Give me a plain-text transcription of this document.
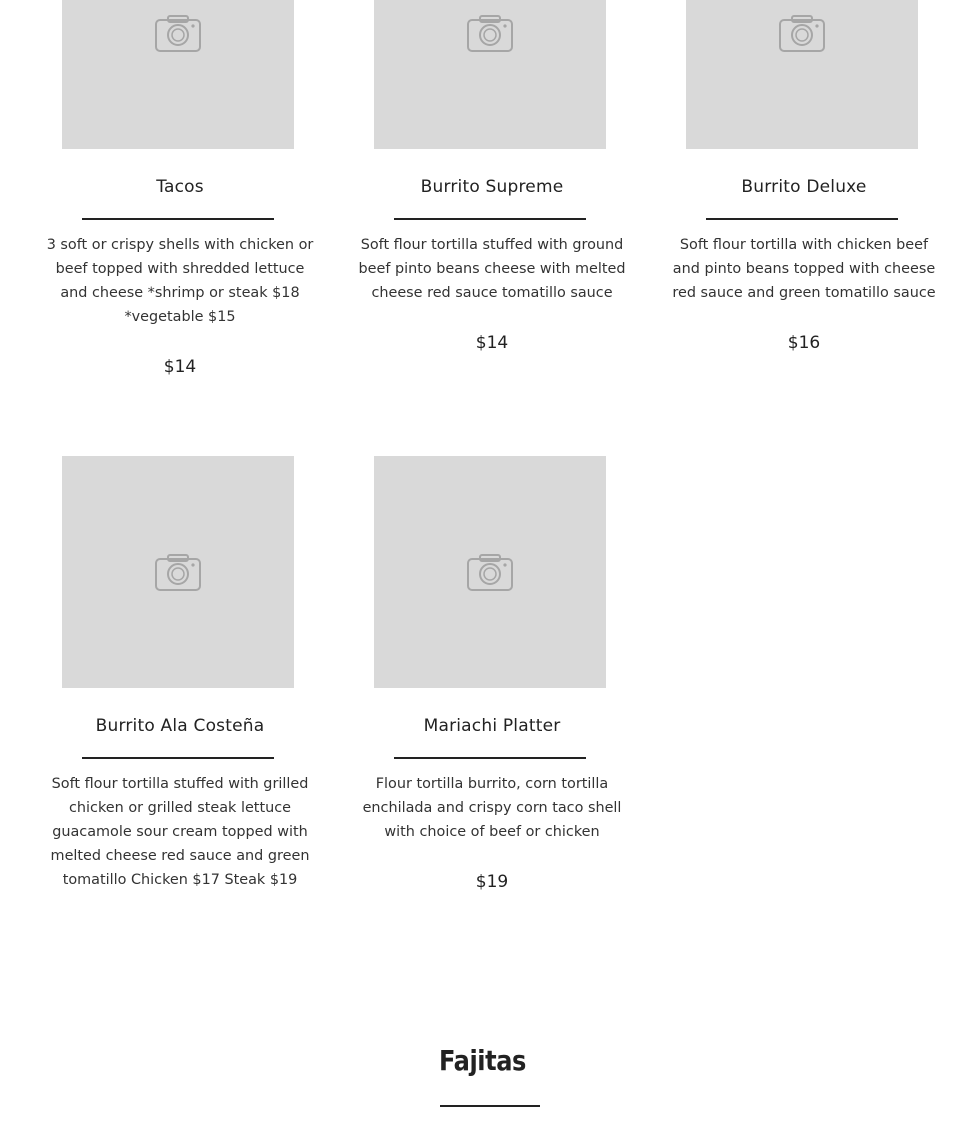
Tacos

3 soft or crispy shells with chicken or beef topped with shredded lettuce and cheese *shrimp or steak $18 *vegetable $15

$14

Burrito Supreme

Soft flour tortilla stuffed with ground beef pinto beans cheese with melted cheese red sauce tomatillo sauce

$14

Burrito Deluxe

Soft flour tortilla with chicken beef and pinto beans topped with cheese red sauce and green tomatillo sauce

$16

Burrito Ala Costeña

Soft flour tortilla stuffed with grilled chicken or grilled steak lettuce guacamole sour cream topped with melted cheese red sauce and green tomatillo Chicken $17 Steak $19

Mariachi Platter

Flour tortilla burrito, corn tortilla enchilada and crispy corn taco shell with choice of beef or chicken

$19

Fajitas
